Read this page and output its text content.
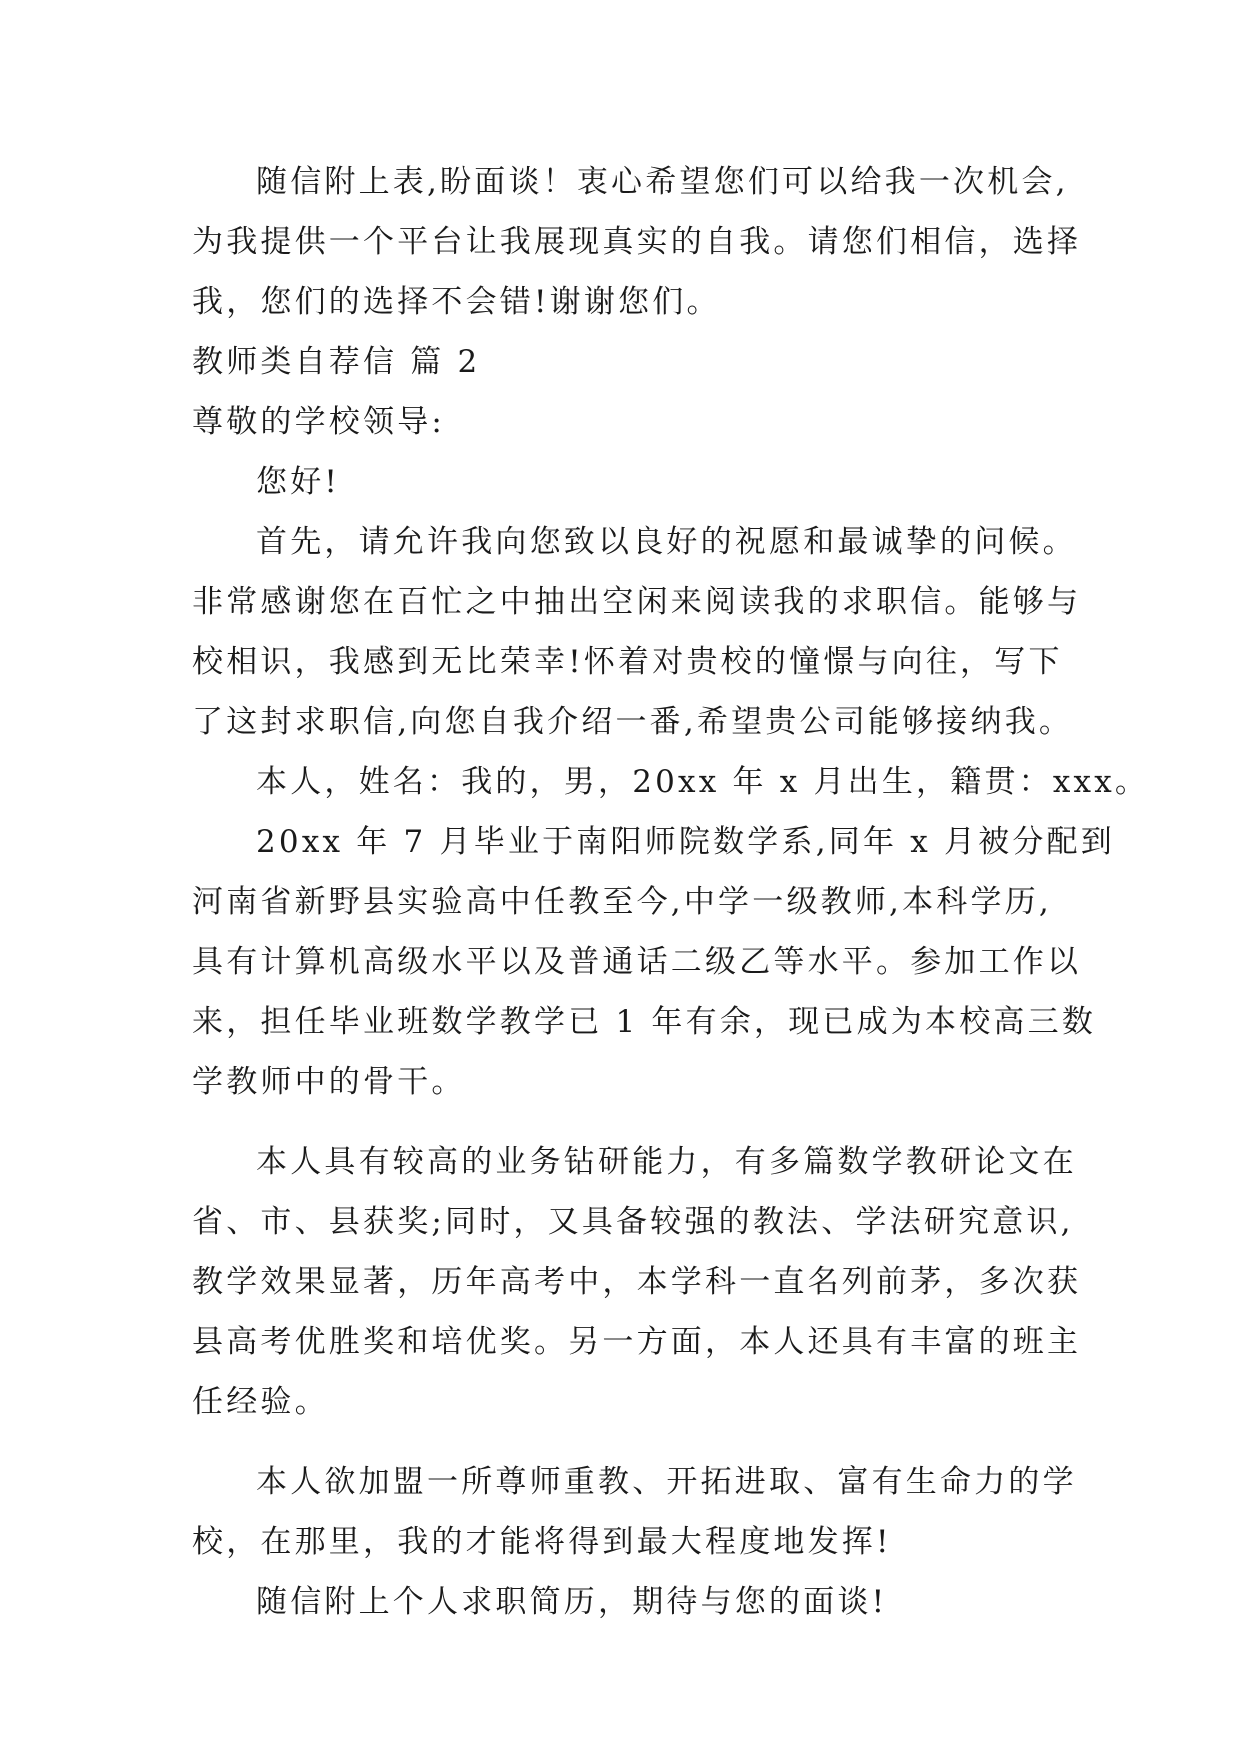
随信附上表,盼面谈！衷心希望您们可以给我一次机会,
为我提供一个平台让我展现真实的自我。请您们相信，选择
我，您们的选择不会错!谢谢您们。
教师类自荐信 篇 2
尊敬的学校领导:
您好!
首先，请允许我向您致以良好的祝愿和最诚挚的问候。
非常感谢您在百忙之中抽出空闲来阅读我的求职信。能够与
校相识，我感到无比荣幸!怀着对贵校的憧憬与向往，写下
了这封求职信,向您自我介绍一番,希望贵公司能够接纳我。
本人，姓名：我的，男，20xx 年 x 月出生，籍贯：xxx。
20xx 年 7 月毕业于南阳师院数学系,同年 x 月被分配到
河南省新野县实验高中任教至今,中学一级教师,本科学历,
具有计算机高级水平以及普通话二级乙等水平。参加工作以
来，担任毕业班数学教学已 1 年有余，现已成为本校高三数
学教师中的骨干。
本人具有较高的业务钻研能力，有多篇数学教研论文在
省、市、县获奖;同时，又具备较强的教法、学法研究意识,
教学效果显著，历年高考中，本学科一直名列前茅，多次获
县高考优胜奖和培优奖。另一方面，本人还具有丰富的班主
任经验。
本人欲加盟一所尊师重教、开拓进取、富有生命力的学
校，在那里，我的才能将得到最大程度地发挥!
随信附上个人求职简历，期待与您的面谈!
